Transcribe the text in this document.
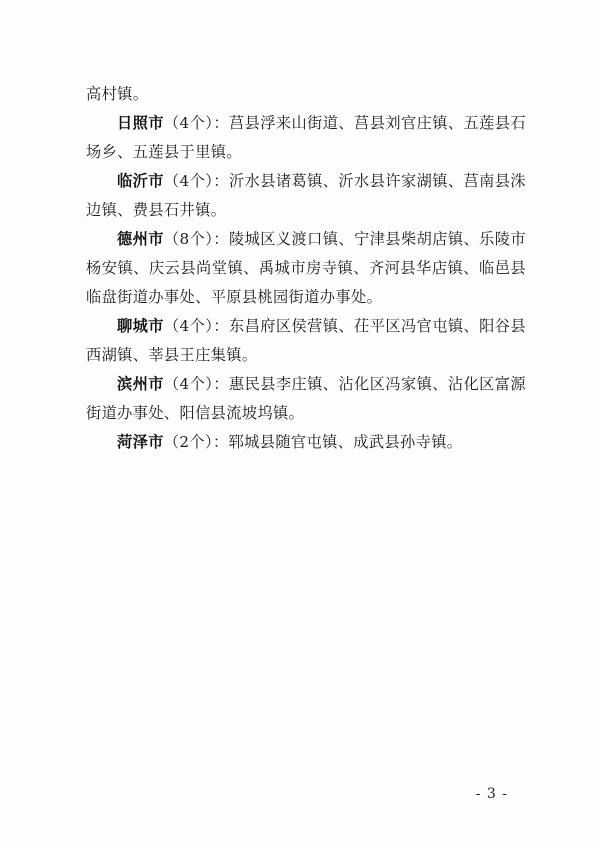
高村镇。

日照市（4个）：莒县浮来山街道、莒县刘官庄镇、五莲县石场乡、五莲县于里镇。

临沂市（4个）：沂水县诸葛镇、沂水县许家湖镇、莒南县洙边镇、费县石井镇。

德州市（8个）：陵城区义渡口镇、宁津县柴胡店镇、乐陵市杨安镇、庆云县尚堂镇、禹城市房寺镇、齐河县华店镇、临邑县临盘街道办事处、平原县桃园街道办事处。

聊城市（4个）：东昌府区侯营镇、茌平区冯官屯镇、阳谷县西湖镇、莘县王庄集镇。

滨州市（4个）：惠民县李庄镇、沾化区冯家镇、沾化区富源街道办事处、阳信县流坡坞镇。

菏泽市（2个）：郓城县随官屯镇、成武县孙寺镇。

- 3 -
